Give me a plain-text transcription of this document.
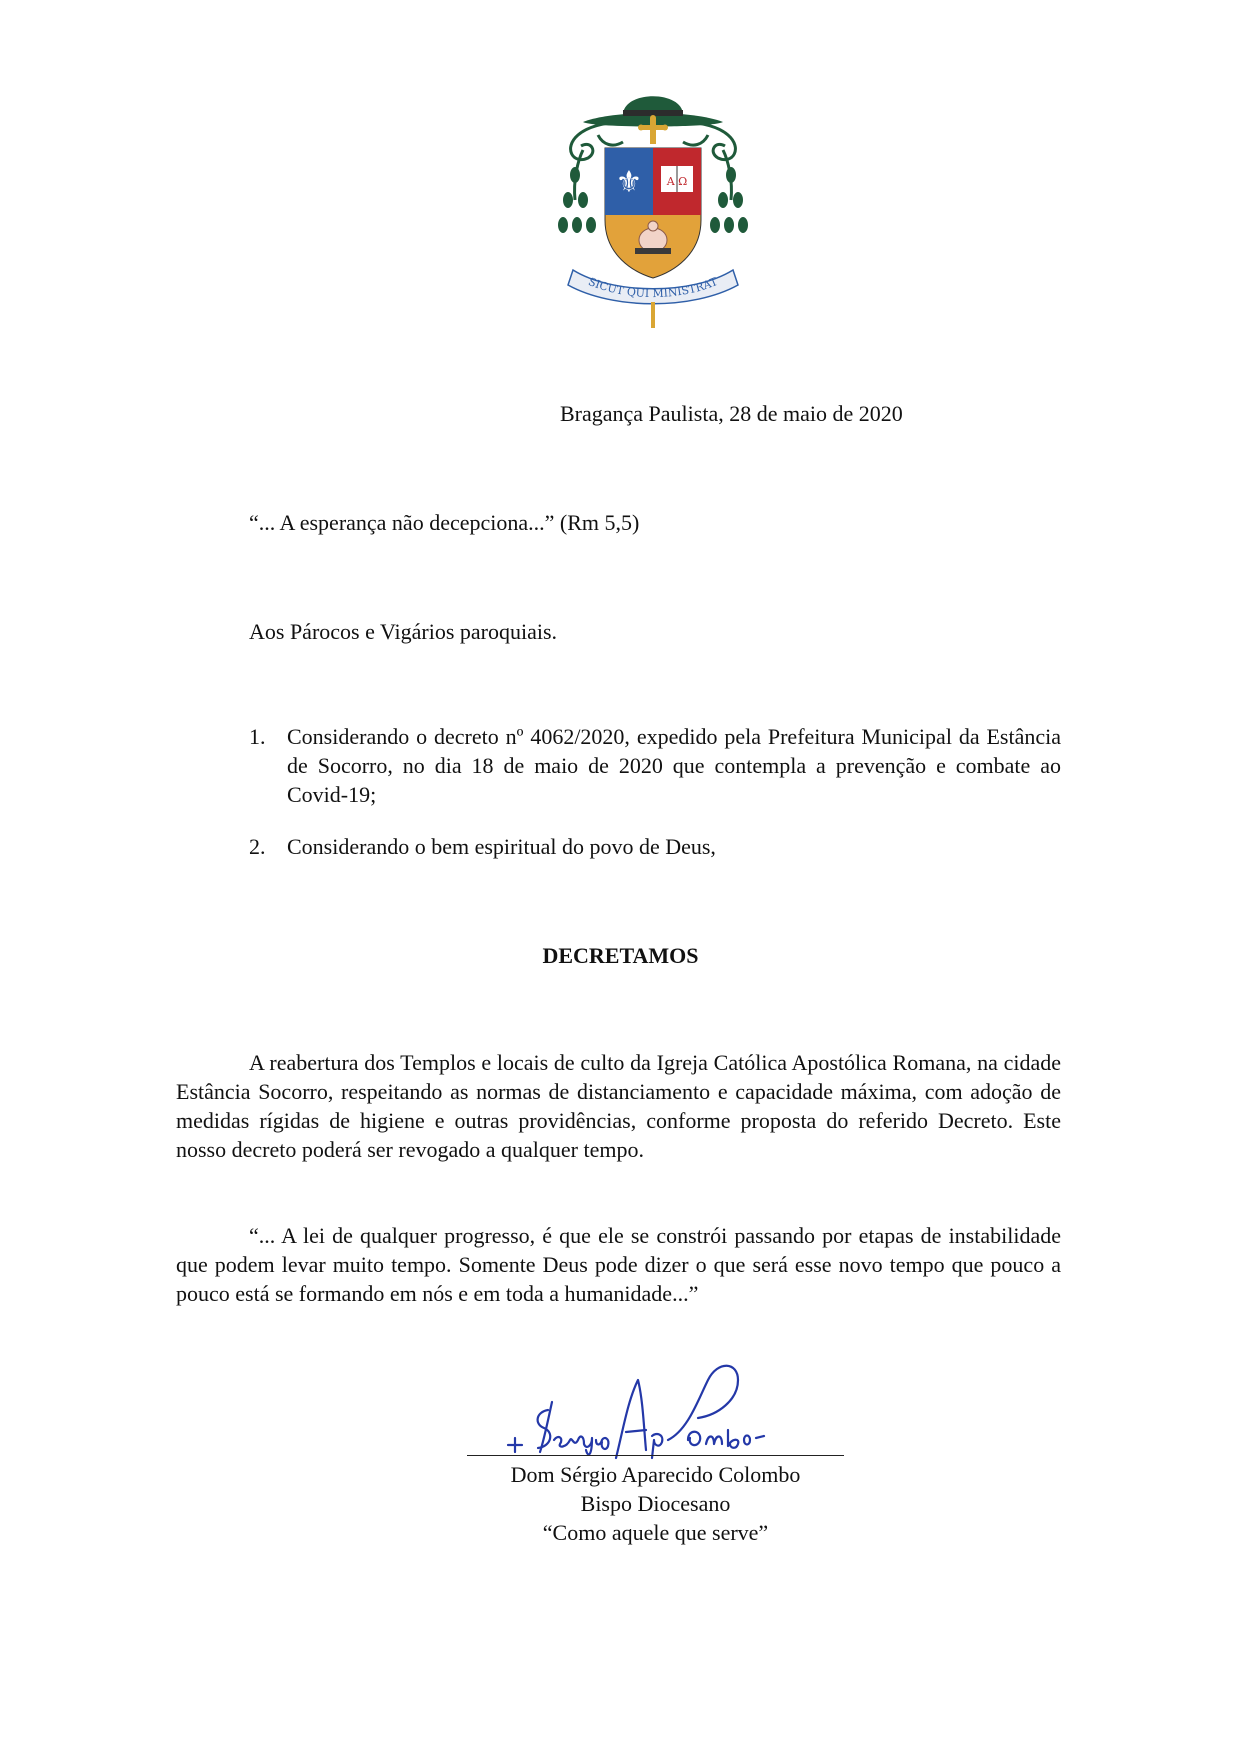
⚜ A Ω
SICUT QUI MINISTRAT
Bragança Paulista, 28 de maio de 2020
“... A esperança não decepciona...” (Rm 5,5)
Aos Párocos e Vigários paroquiais.
1. Considerando o decreto nº 4062/2020, expedido pela Prefeitura Municipal da Estância de Socorro, no dia 18 de maio de 2020 que contempla a prevenção e combate ao Covid-19;
2. Considerando o bem espiritual do povo de Deus,
DECRETAMOS
A reabertura dos Templos e locais de culto da Igreja Católica Apostólica Romana, na cidade Estância Socorro, respeitando as normas de distanciamento e capacidade máxima, com adoção de medidas rígidas de higiene e outras providências, conforme proposta do referido Decreto. Este nosso decreto poderá ser revogado a qualquer tempo.
“... A lei de qualquer progresso, é que ele se constrói passando por etapas de instabilidade que podem levar muito tempo. Somente Deus pode dizer o que será esse novo tempo que pouco a pouco está se formando em nós e em toda a humanidade...”
Dom Sérgio Aparecido Colombo
Bispo Diocesano
“Como aquele que serve”
